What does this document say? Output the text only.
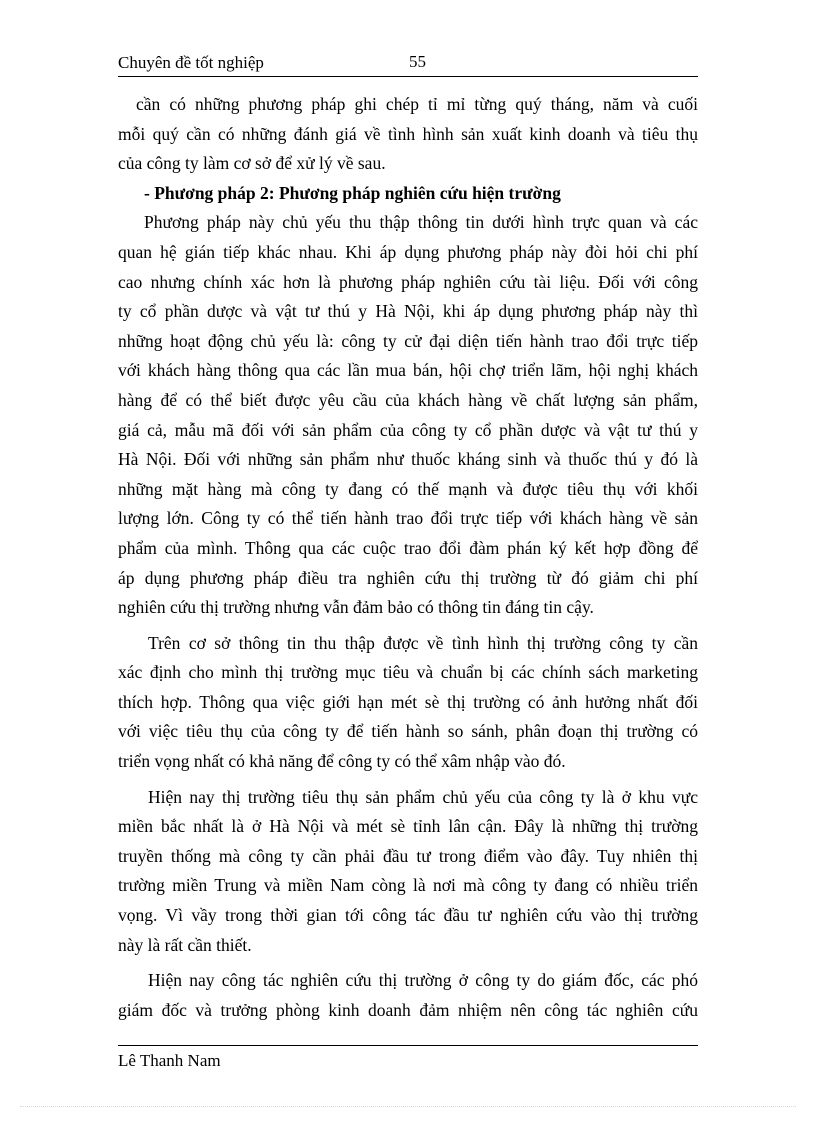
Chuyên đề tốt nghiệp	55
cần có những phương pháp ghi chép tỉ mỉ từng quý tháng, năm và cuối
mỗi quý cần có những đánh giá về tình hình sản xuất kinh doanh và tiêu thụ
của công ty làm cơ sở để xử lý về sau.
- Phương pháp 2: Phương pháp nghiên cứu hiện trường
Phương pháp này chủ yếu thu thập thông tin dưới hình trực quan và các
quan hệ gián tiếp khác nhau. Khi áp dụng phương pháp này đòi hỏi chi phí
cao nhưng chính xác hơn là phương pháp nghiên cứu tài liệu. Đối với công
ty cổ phần dược và vật tư thú y Hà Nội, khi áp dụng phương pháp này thì
những hoạt động chủ yếu là: công ty cử đại diện tiến hành trao đổi trực tiếp
với khách hàng thông qua các lần mua bán, hội chợ triển lãm, hội nghị khách
hàng để có thể biết được yêu cầu của khách hàng về chất lượng sản phẩm,
giá cả, mẫu mã đối với sản phẩm của công ty cổ phần dược và vật tư thú y
Hà Nội. Đối với những sản phẩm như thuốc kháng sinh và thuốc thú y đó là
những mặt hàng mà công ty đang có thế mạnh và được tiêu thụ với khối
lượng lớn. Công ty có thể tiến hành trao đổi trực tiếp với khách hàng về sản
phẩm của mình. Thông qua các cuộc trao đổi đàm phán ký kết hợp đồng để
áp dụng phương pháp điều tra nghiên cứu thị trường từ đó giảm chi phí
nghiên cứu thị trường nhưng vẫn đảm bảo có thông tin đáng tin cậy.
Trên cơ sở thông tin thu thập được về tình hình thị trường công ty cần
xác định cho mình thị trường mục tiêu và chuẩn bị các chính sách marketing
thích hợp. Thông qua việc giới hạn mét sè thị trường có ảnh hưởng nhất đối
với việc tiêu thụ của công ty để tiến hành so sánh, phân đoạn thị trường có
triển vọng nhất có khả năng để công ty có thể xâm nhập vào đó.
Hiện nay thị trường tiêu thụ sản phẩm chủ yếu của công ty là ở khu vực
miền bắc nhất là ở Hà Nội và mét sè tỉnh lân cận. Đây là những thị trường
truyền thống mà công ty cần phải đầu tư trong điểm vào đây. Tuy nhiên thị
trường miền Trung và miền Nam còng là nơi mà công ty đang có nhiều triển
vọng. Vì vầy trong thời gian tới công tác đầu tư nghiên cứu vào thị trường
này là rất cần thiết.
Hiện nay công tác nghiên cứu thị trường ở công ty do giám đốc, các phó
giám đốc và trưởng phòng kinh doanh đảm nhiệm nên công tác nghiên cứu
Lê Thanh Nam
